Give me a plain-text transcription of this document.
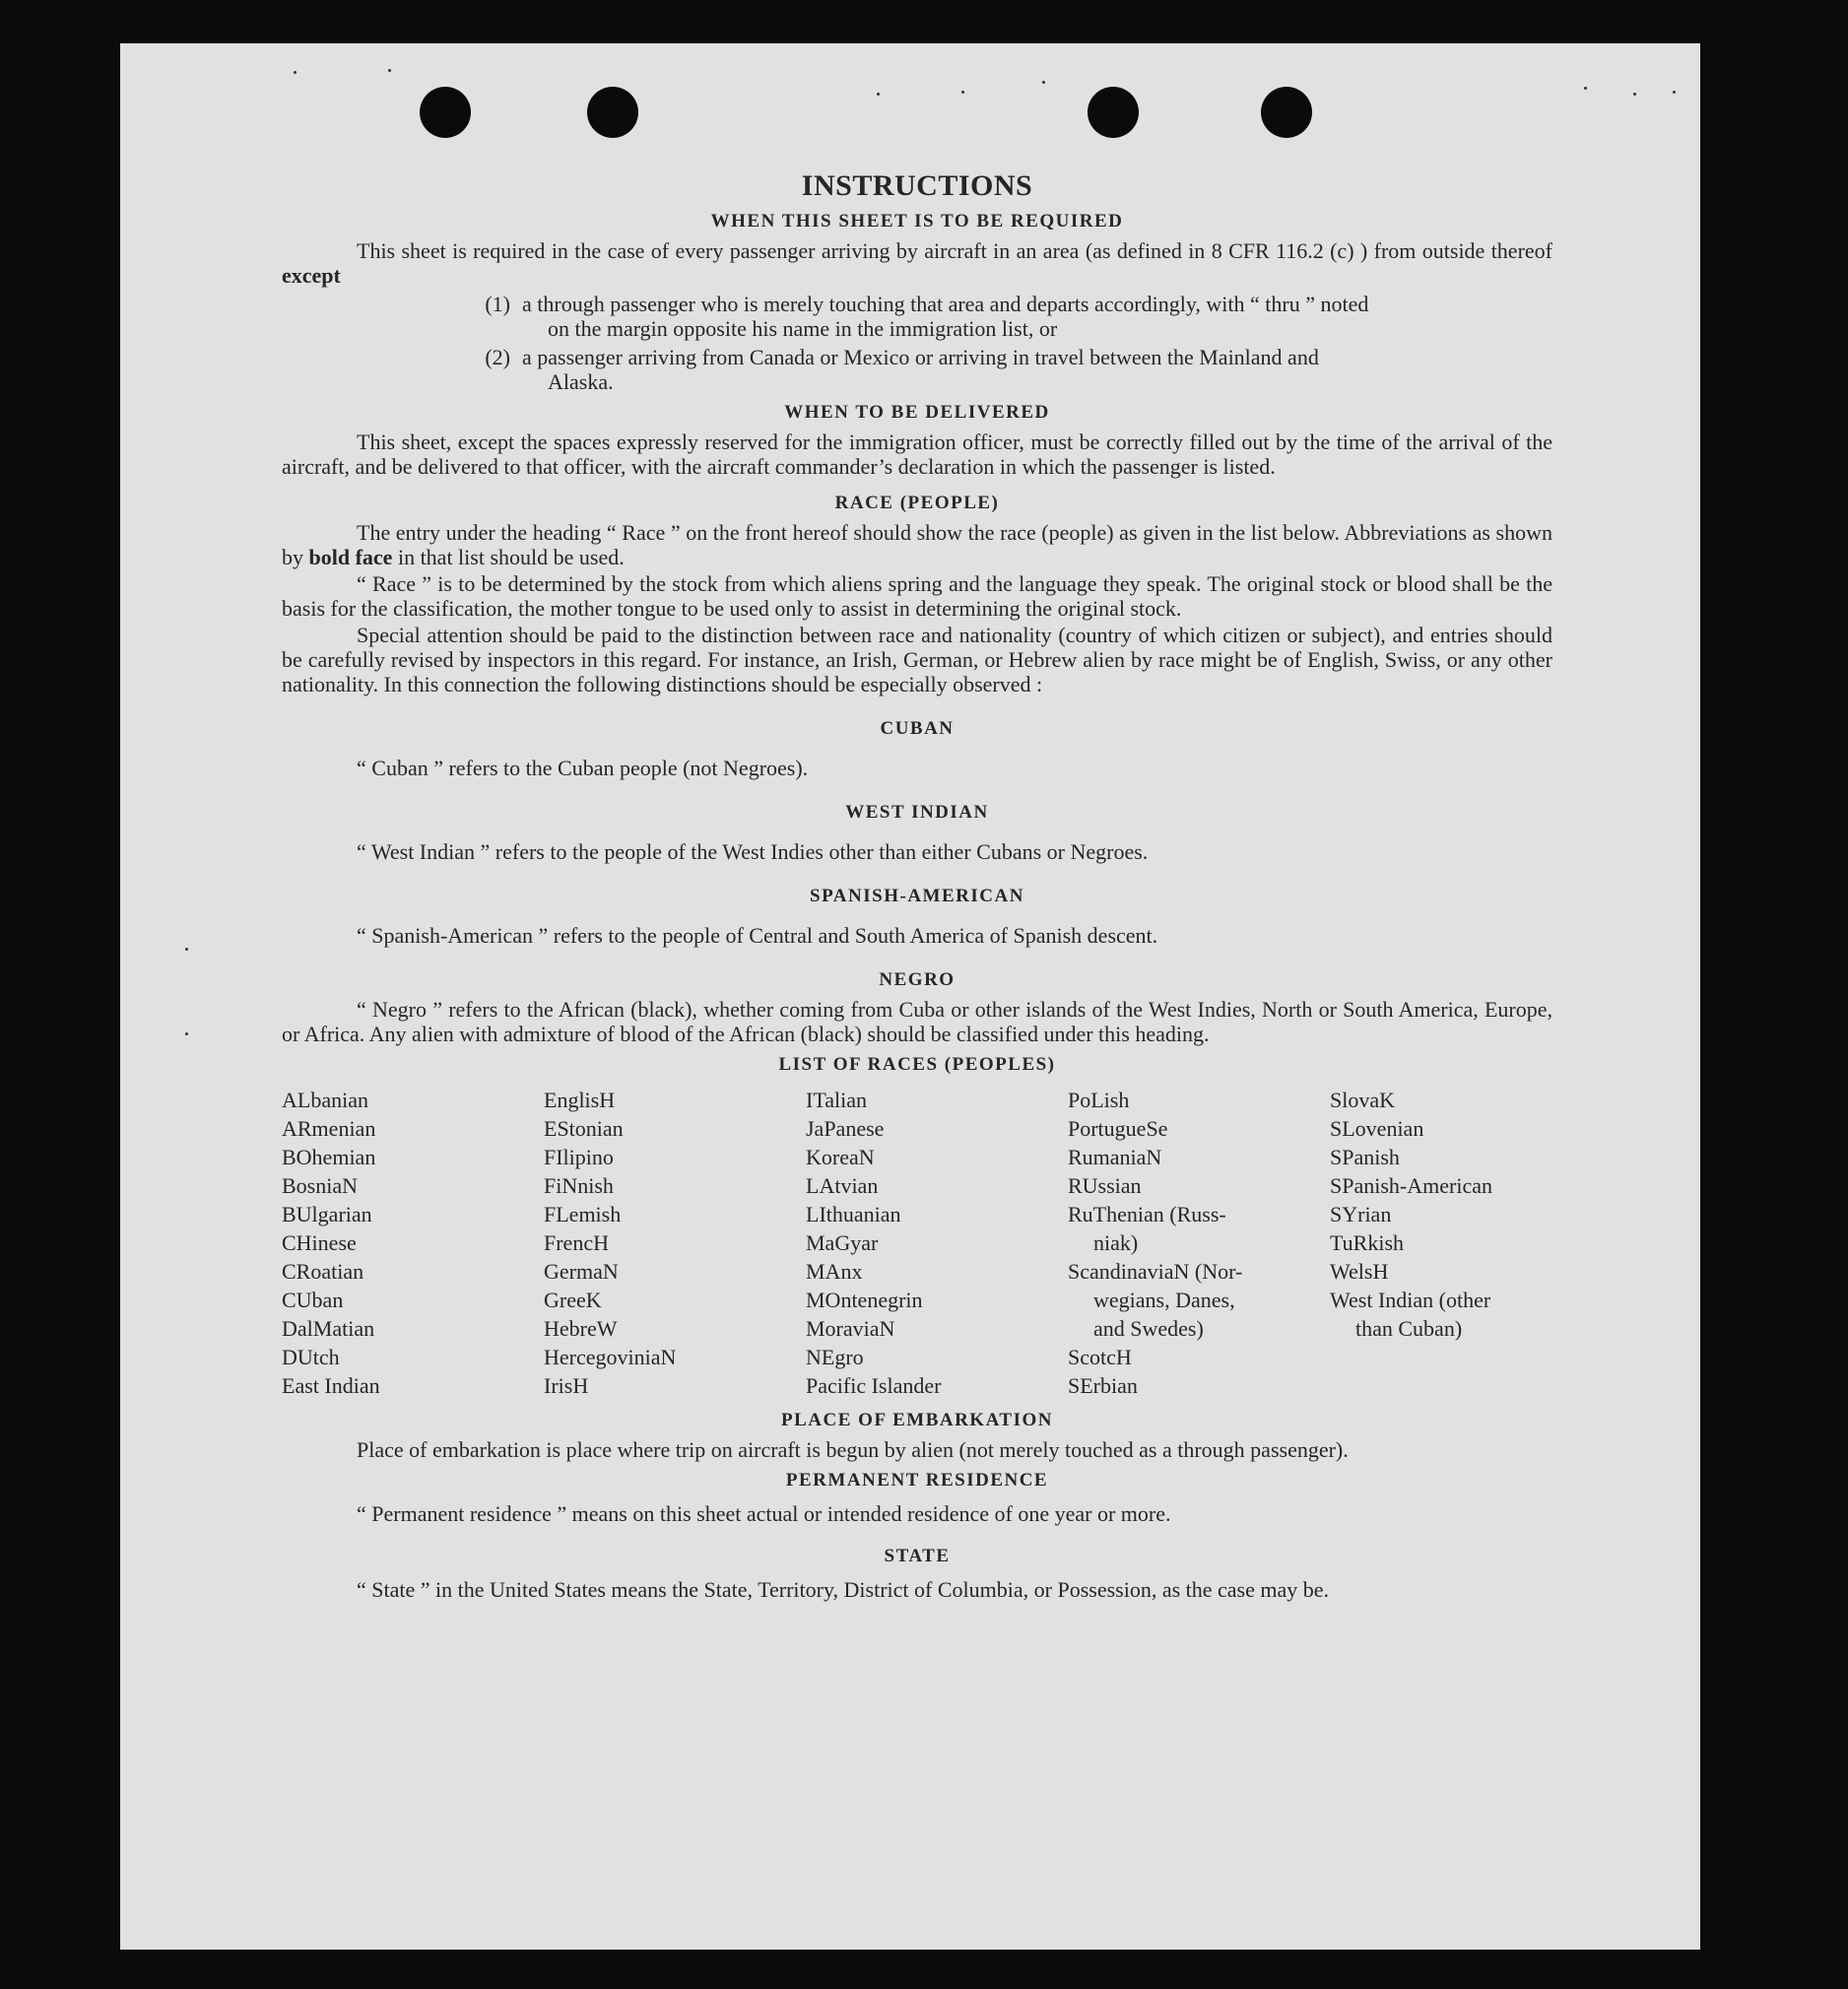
INSTRUCTIONS
WHEN THIS SHEET IS TO BE REQUIRED

This sheet is required in the case of every passenger arriving by aircraft in an area (as defined in 8 CFR 116.2 (c) ) from outside thereof except

(1) a through passenger who is merely touching that area and departs accordingly, with “ thru ” noted
on the margin opposite his name in the immigration list, or
(2) a passenger arriving from Canada or Mexico or arriving in travel between the Mainland and
Alaska.
WHEN TO BE DELIVERED

This sheet, except the spaces expressly reserved for the immigration officer, must be correctly filled out by the time of the arrival of the aircraft, and be delivered to that officer, with the aircraft commander’s declaration in which the passenger is listed.

RACE (PEOPLE)

The entry under the heading “ Race ” on the front hereof should show the race (people) as given in the list below. Abbreviations as shown by bold face in that list should be used.

“ Race ” is to be determined by the stock from which aliens spring and the language they speak. The original stock or blood shall be the basis for the classification, the mother tongue to be used only to assist in determining the original stock.

Special attention should be paid to the distinction between race and nationality (country of which citizen or subject), and entries should be carefully revised by inspectors in this regard. For instance, an Irish, German, or Hebrew alien by race might be of English, Swiss, or any other nationality. In this connection the following distinctions should be especially observed :

CUBAN
“ Cuban ” refers to the Cuban people (not Negroes).
WEST INDIAN
“ West Indian ” refers to the people of the West Indies other than either Cubans or Negroes.
SPANISH-AMERICAN
“ Spanish-American ” refers to the people of Central and South America of Spanish descent.
NEGRO

“ Negro ” refers to the African (black), whether coming from Cuba or other islands of the West Indies, North or South America, Europe, or Africa. Any alien with admixture of blood of the African (black) should be classified under this heading.

LIST OF RACES (PEOPLES)
ALbanian
ARmenian
BOhemian
BosniaN
BUlgarian
CHinese
CRoatian
CUban
DalMatian
DUtch
East Indian
EnglisH
EStonian
FIlipino
FiNnish
FLemish
FrencH
GermaN
GreeK
HebreW
HercegoviniaN
IrisH
ITalian
JaPanese
KoreaN
LAtvian
LIthuanian
MaGyar
MAnx
MOntenegrin
MoraviaN
NEgro
Pacific Islander
PoLish
PortugueSe
RumaniaN
RUssian
RuThenian (Russ-
niak)
ScandinaviaN (Nor-
wegians, Danes,
and Swedes)
ScotcH
SErbian
SlovaK
SLovenian
SPanish
SPanish-American
SYrian
TuRkish
WelsH
West Indian (other
than Cuban)
PLACE OF EMBARKATION

Place of embarkation is place where trip on aircraft is begun by alien (not merely touched as a through passenger).

PERMANENT RESIDENCE
“ Permanent residence ” means on this sheet actual or intended residence of one year or more.
STATE

“ State ” in the United States means the State, Territory, District of Columbia, or Possession, as the case may be.
